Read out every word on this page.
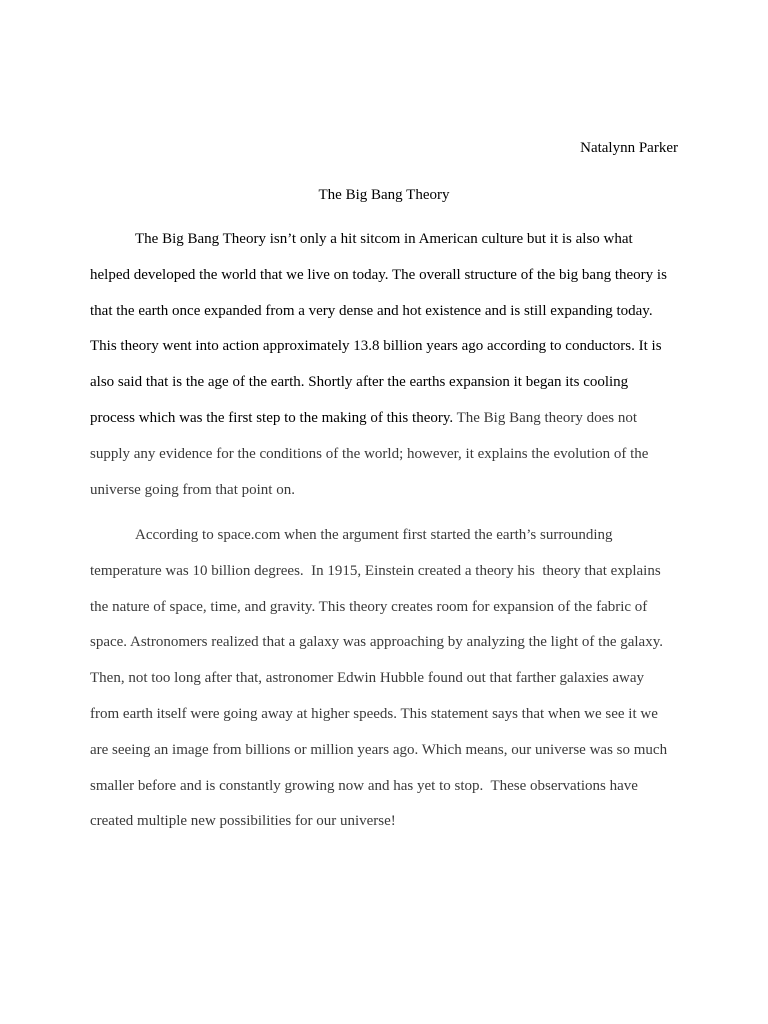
Natalynn Parker
The Big Bang Theory
The Big Bang Theory isn’t only a hit sitcom in American culture but it is also what
helped developed the world that we live on today. The overall structure of the big bang theory is
that the earth once expanded from a very dense and hot existence and is still expanding today.
This theory went into action approximately 13.8 billion years ago according to conductors. It is
also said that is the age of the earth. Shortly after the earths expansion it began its cooling
process which was the first step to the making of this theory. The Big Bang theory does not
supply any evidence for the conditions of the world; however, it explains the evolution of the
universe going from that point on.
According to space.com when the argument first started the earth’s surrounding
temperature was 10 billion degrees.  In 1915, Einstein created a theory his  theory that explains
the nature of space, time, and gravity. This theory creates room for expansion of the fabric of
space. Astronomers realized that a galaxy was approaching by analyzing the light of the galaxy.
Then, not too long after that, astronomer Edwin Hubble found out that farther galaxies away
from earth itself were going away at higher speeds. This statement says that when we see it we
are seeing an image from billions or million years ago. Which means, our universe was so much
smaller before and is constantly growing now and has yet to stop.  These observations have
created multiple new possibilities for our universe!
